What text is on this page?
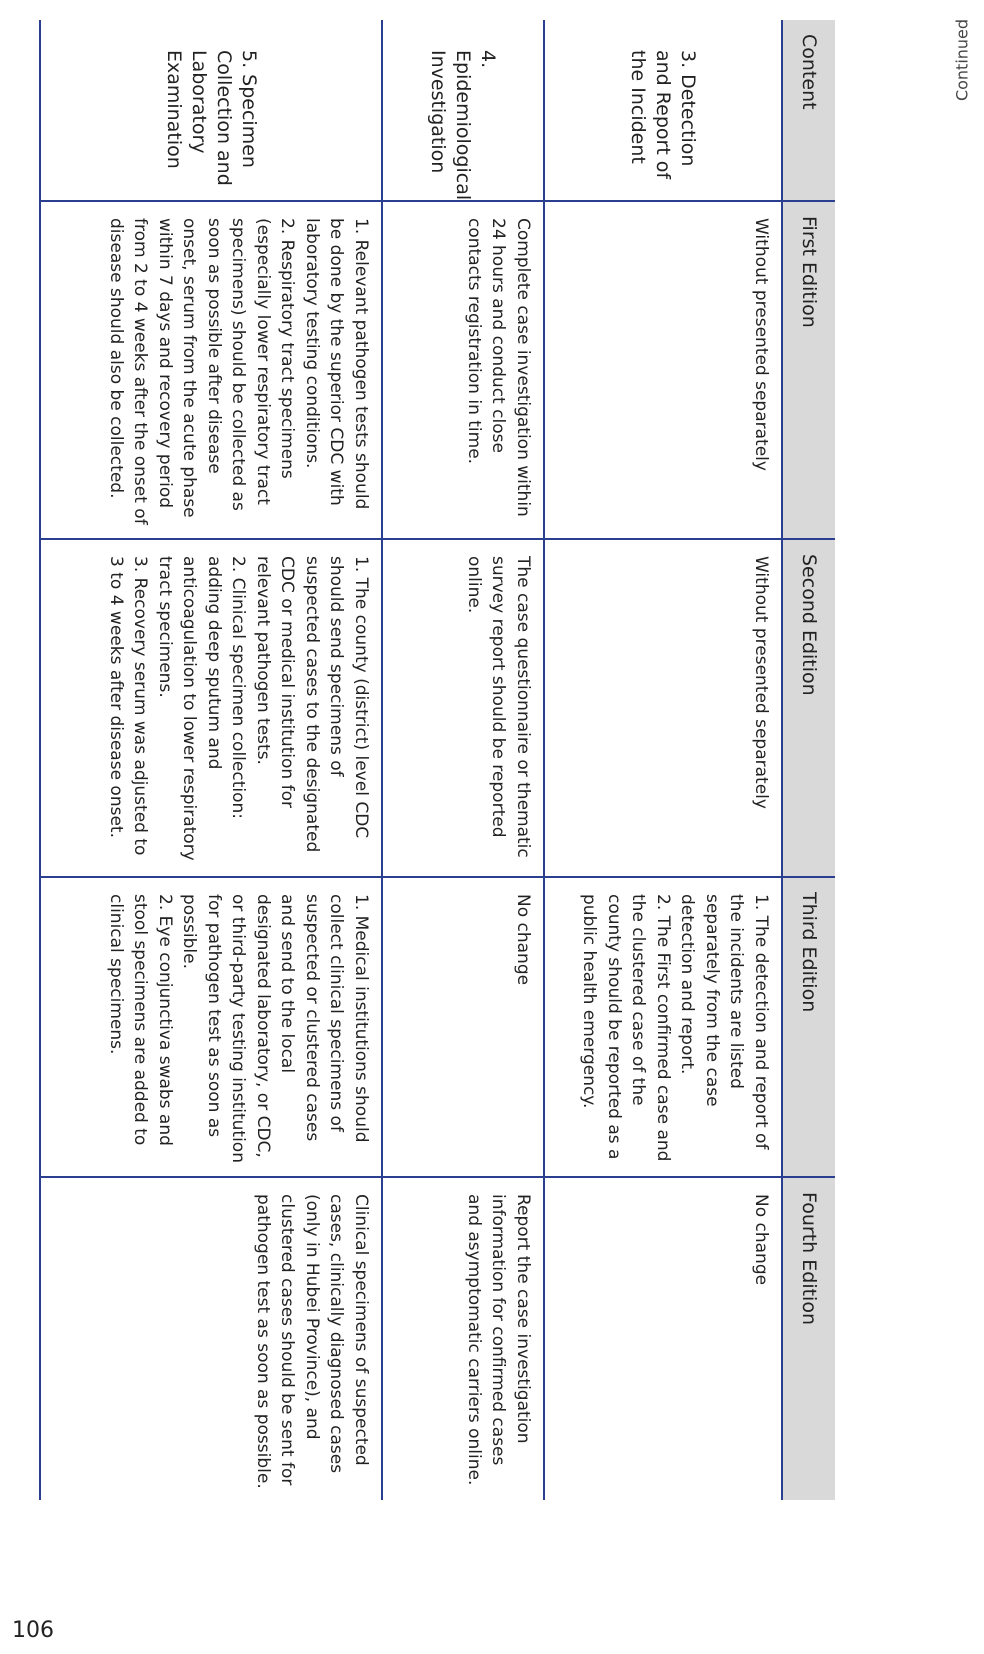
Continued
106
Content
First Edition
Second Edition
Third Edition
Fourth Edition
3. Detection and Report of the Incident
Without presented separately
Without presented separately
1. The detection and report of the incidents are listed separately from the case detection and report.
2. The First confirmed case and the clustered case of the county should be reported as a public health emergency.
No change
4. Epidemiological Investigation
Complete case investigation within 24 hours and conduct close contacts registration in time.
The case questionnaire or thematic survey report should be reported online.
No change
Report the case investigation information for confirmed cases and asymptomatic carriers online.
5. Specimen Collection and Laboratory Examination
1. Relevant pathogen tests should be done by the superior CDC with laboratory testing conditions.
2. Respiratory tract specimens (especially lower respiratory tract specimens) should be collected as soon as possible after disease onset, serum from the acute phase within 7 days and recovery period from 2 to 4 weeks after the onset of disease should also be collected.
1. The county (district) level CDC should send specimens of suspected cases to the designated CDC or medical institution for relevant pathogen tests.
2. Clinical specimen collection: adding deep sputum and anticoagulation to lower respiratory tract specimens.
3. Recovery serum was adjusted to 3 to 4 weeks after disease onset.
1. Medical institutions should collect clinical specimens of suspected or clustered cases and send to the local designated laboratory, or CDC, or third-party testing institution for pathogen test as soon as possible.
2. Eye conjunctiva swabs and stool specimens are added to clinical specimens.
Clinical specimens of suspected cases, clinically diagnosed cases (only in Hubei Province), and clustered cases should be sent for pathogen test as soon as possible.
